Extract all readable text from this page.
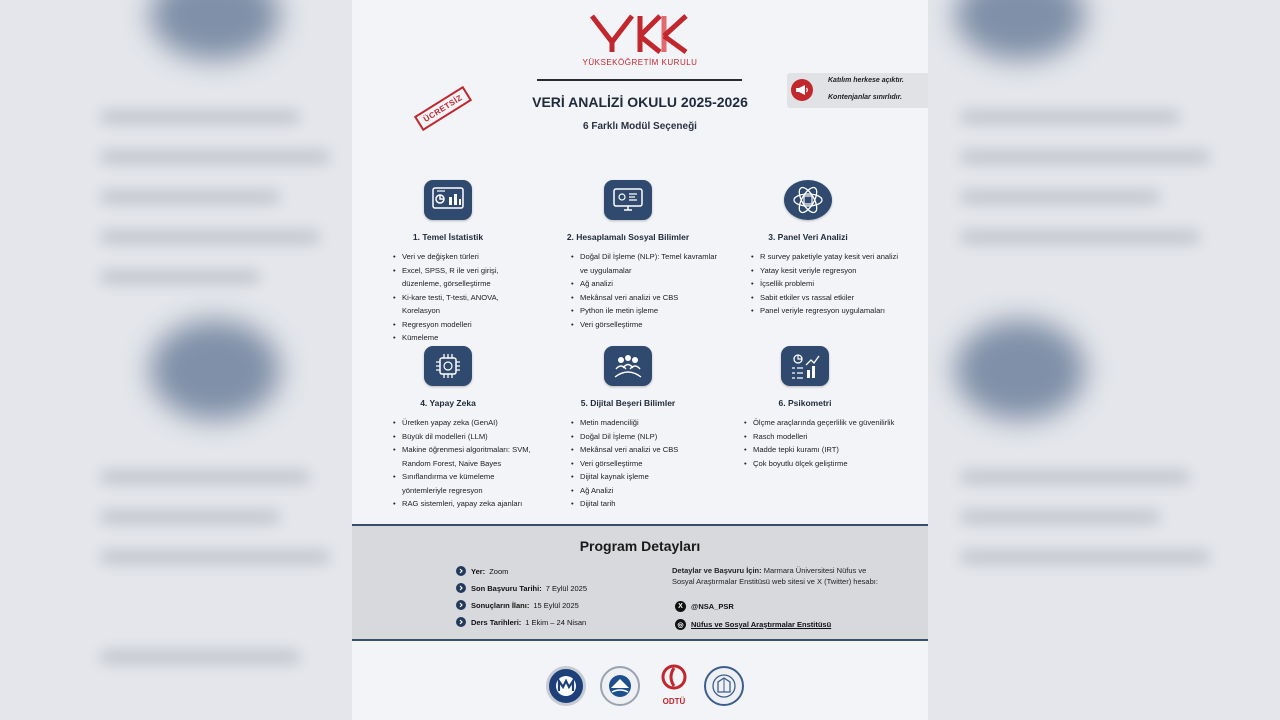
YÜKSEKÖĞRETİM KURULU
ÜCRETSİZ	VERİ ANALİZİ OKULU 2025-2026
6 Farklı Modül Seçeneği
Katılım herkese açıktır.
Kontenjanlar sınırlıdır.
1. Temel İstatistik
• Veri ve değişken türleri
• Excel, SPSS, R ile veri girişi, düzenleme, görselleştirme
• Ki-kare testi, T-testi, ANOVA, Korelasyon
• Regresyon modelleri
• Kümeleme
2. Hesaplamalı Sosyal Bilimler
• Doğal Dil İşleme (NLP): Temel kavramlar ve uygulamalar
• Ağ analizi
• Mekânsal veri analizi ve CBS
• Python ile metin işleme
• Veri görselleştirme
3. Panel Veri Analizi
• R survey paketiyle yatay kesit veri analizi
• Yatay kesit veriyle regresyon
• İçsellik problemi
• Sabit etkiler vs rassal etkiler
• Panel veriyle regresyon uygulamaları
4. Yapay Zeka
• Üretken yapay zeka (GenAI)
• Büyük dil modelleri (LLM)
• Makine öğrenmesi algoritmaları: SVM, Random Forest, Naive Bayes
• Sınıflandırma ve kümeleme yöntemleriyle regresyon
• RAG sistemleri, yapay zeka ajanları
5. Dijital Beşeri Bilimler
• Metin madenciliği
• Doğal Dil İşleme (NLP)
• Mekânsal veri analizi ve CBS
• Veri görselleştirme
• Dijital kaynak işleme
• Ağ Analizi
• Dijital tarih
6. Psikometri
• Ölçme araçlarında geçerlilik ve güvenilirlik
• Rasch modelleri
• Madde tepki kuramı (IRT)
• Çok boyutlu ölçek geliştirme
Program Detayları
Yer: Zoom
Son Başvuru Tarihi: 7 Eylül 2025
Sonuçların İlanı: 15 Eylül 2025
Ders Tarihleri: 1 Ekim – 24 Nisan
Detaylar ve Başvuru İçin: Marmara Üniversitesi Nüfus ve Sosyal Araştırmalar Enstitüsü web sitesi ve X (Twitter) hesabı:
X	@NSA_PSR
◎ Nüfus ve Sosyal Araştırmalar Enstitüsü
ODTÜ
